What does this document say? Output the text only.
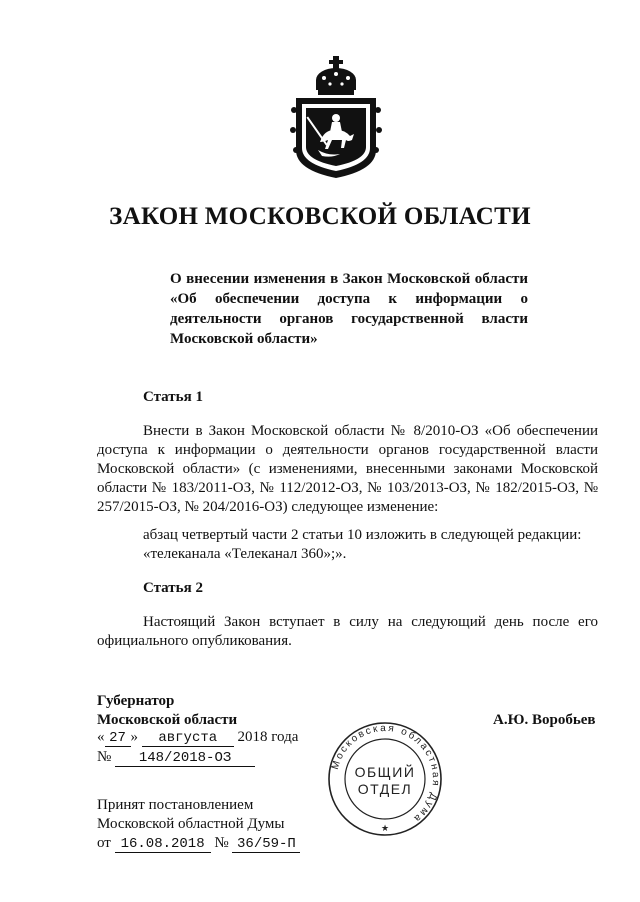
ЗАКОН МОСКОВСКОЙ ОБЛАСТИ
О внесении изменения в Закон Московской области «Об обеспечении доступа к информации о деятельности органов государственной власти Московской области»
Статья 1
Внести в Закон Московской области № 8/2010-ОЗ «Об обеспечении доступа к информации о деятельности органов государственной власти Московской области» (с изменениями, внесенными законами Московской области № 183/2011-ОЗ, № 112/2012-ОЗ, № 103/2013-ОЗ, № 182/2015-ОЗ, № 257/2015-ОЗ, № 204/2016-ОЗ) следующее изменение:
абзац четвертый части 2 статьи 10 изложить в следующей редакции:
«телеканала «Телеканал 360»;».
Статья 2
Настоящий Закон вступает в силу на следующий день после его официального опубликования.
Губернатор
Московской области	А.Ю. Воробьев
« 27 » августа 2018 года
№ 148/2018-ОЗ
Принят постановлением
Московской областной Думы
от 16.08.2018 № 36/59-П
Московская областная Дума
ОБЩИЙ
ОТДЕЛ
★
